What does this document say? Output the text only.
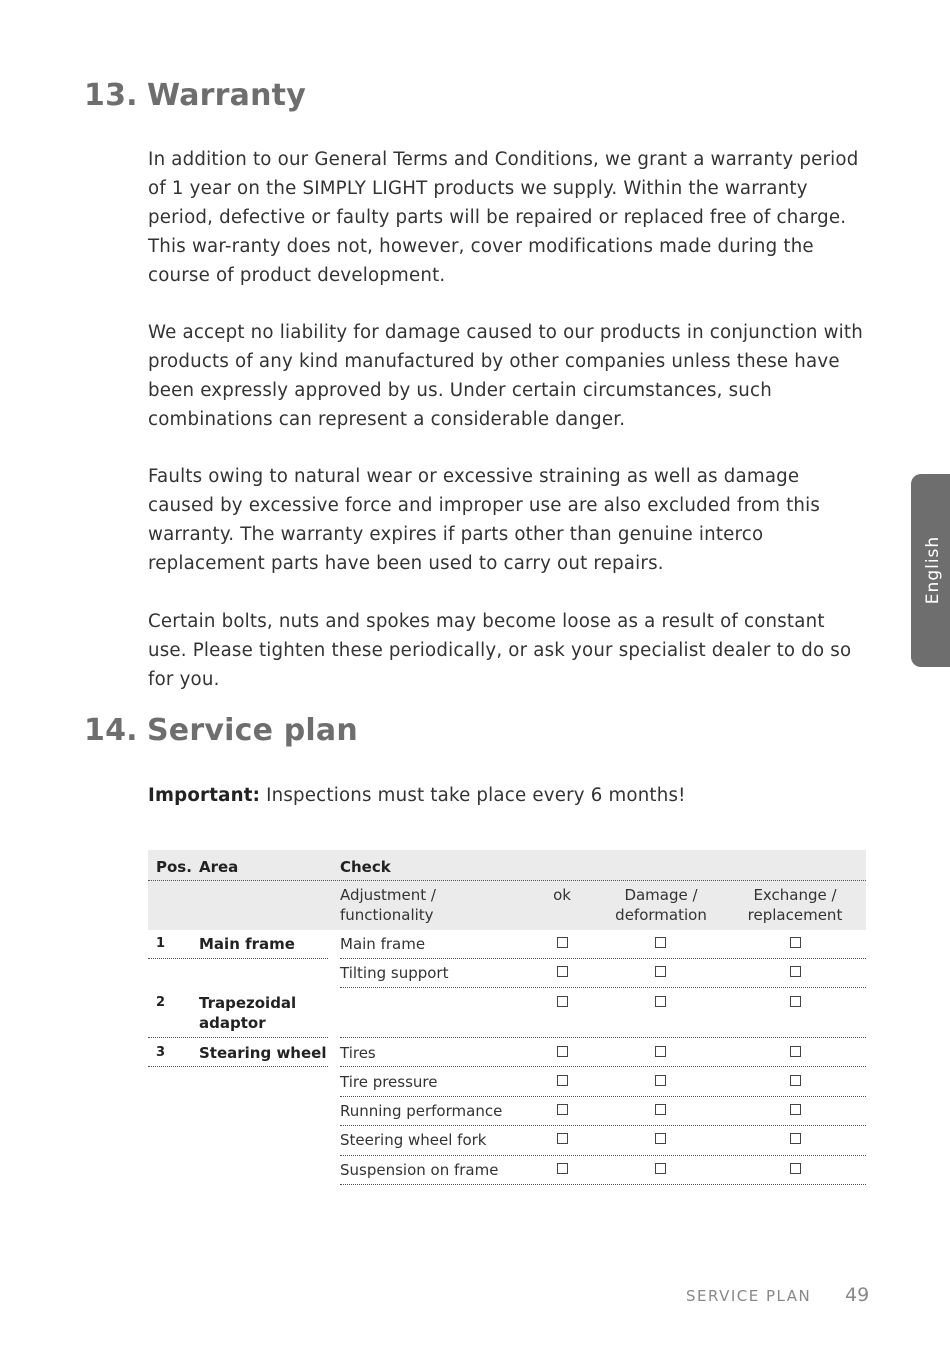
13. Warranty

In addition to our General Terms and Conditions, we grant a warranty period of 1 year on the SIMPLY LIGHT products we supply. Within the warranty period, defective or faulty parts will be repaired or replaced free of charge. This war-ranty does not, however, cover modifications made during the course of product development.

We accept no liability for damage caused to our products in conjunction with products of any kind manufactured by other companies unless these have been expressly approved by us. Under certain circumstances, such combinations can represent a considerable danger.

Faults owing to natural wear or excessive straining as well as damage caused by excessive force and improper use are also excluded from this warranty. The warranty expires if parts other than genuine interco replacement parts have been used to carry out repairs.

Certain bolts, nuts and spokes may become loose as a result of constant use. Please tighten these periodically, or ask your specialist dealer to do so for you.

14. Service plan

Important: Inspections must take place every 6 months!

Pos. Area	Check
Adjustment / functionality
ok	Damage / deformation
Exchange / replacement
1 Main frame
2 Trapezoidal adaptor
3 Stearing wheel
Main frame
Tilting support
Tires
Tire pressure
Running performance
Steering wheel fork
Suspension on frame
English
SERVICE PLAN 49
